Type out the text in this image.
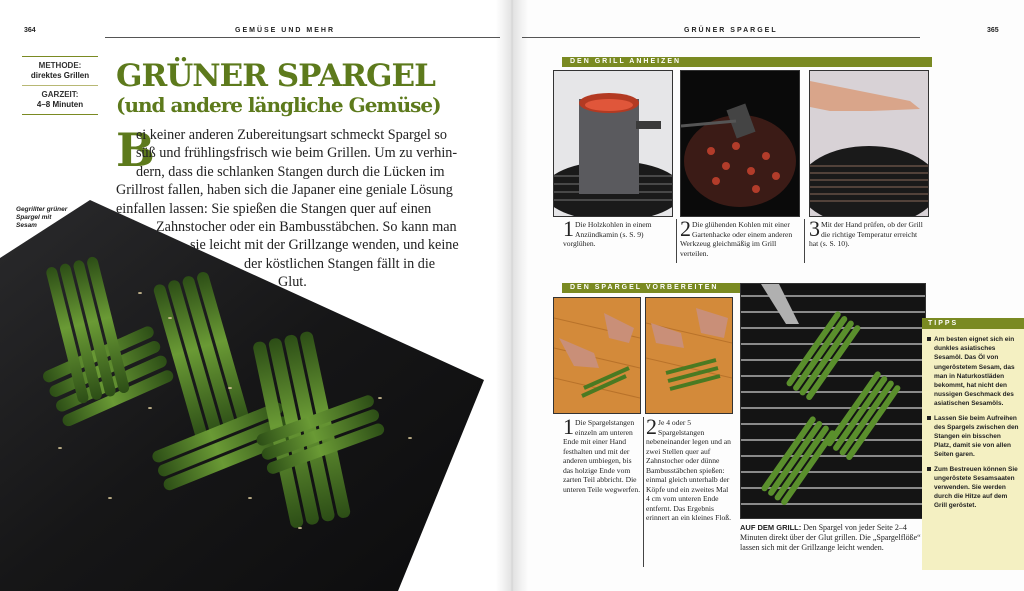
364	GEMÜSE UND MEHR
METHODE:
direktes Grillen
GARZEIT:
4–8 Minuten
GRÜNER SPARGEL
(und andere längliche Gemüse)
B
ei keiner anderen Zubereitungsart schmeckt Spargel so
süß und frühlingsfrisch wie beim Grillen. Um zu verhin-
dern, dass die schlanken Stangen durch die Lücken im
Grillrost fallen, haben sich die Japaner eine geniale Lösung
einfallen lassen: Sie spießen die Stangen quer auf einen
Zahnstocher oder ein Bambusstäbchen. So kann man
sie leicht mit der Grillzange wenden, und keine
der köstlichen Stangen fällt in die
Glut.
Gegrillter grüner
Spargel mit
Sesam
GRÜNER SPARGEL	365
DEN GRILL ANHEIZEN
1 Die Holzkohlen in einem Anzündkamin (s. S. 9) vorglühen.
2 Die glühenden Kohlen mit einer Gartenhacke oder einem anderen Werkzeug gleichmäßig im Grill verteilen.
3 Mit der Hand prüfen, ob der Grill die richtige Temperatur erreicht hat (s. S. 10).
DEN SPARGEL VORBEREITEN
1 Die Spargelstangen einzeln am unteren Ende mit einer Hand festhalten und mit der anderen umbiegen, bis das holzige Ende vom zarten Teil abbricht. Die unteren Teile wegwerfen.
2 Je 4 oder 5 Spargelstangen nebeneinander legen und an zwei Stellen quer auf Zahnstocher oder dünne Bambusstäbchen spießen: einmal gleich unterhalb der Köpfe und ein zweites Mal 4 cm vom unteren Ende entfernt. Das Ergebnis erinnert an ein kleines Floß.
AUF DEM GRILL: Den Spargel von jeder Seite 2–4 Minuten direkt über der Glut grillen. Die „Spargelflöße“ lassen sich mit der Grillzange leicht wenden.
TIPPS
Am besten eignet sich ein dunkles asiatisches Sesamöl. Das Öl von ungeröstetem Sesam, das man in Naturkostläden bekommt, hat nicht den nussigen Geschmack des asiatischen Sesamöls.
Lassen Sie beim Aufreihen des Spargels zwischen den Stangen ein bisschen Platz, damit sie von allen Seiten garen.
Zum Bestreuen können Sie ungeröstete Sesamsaaten verwenden. Sie werden durch die Hitze auf dem Grill geröstet.
